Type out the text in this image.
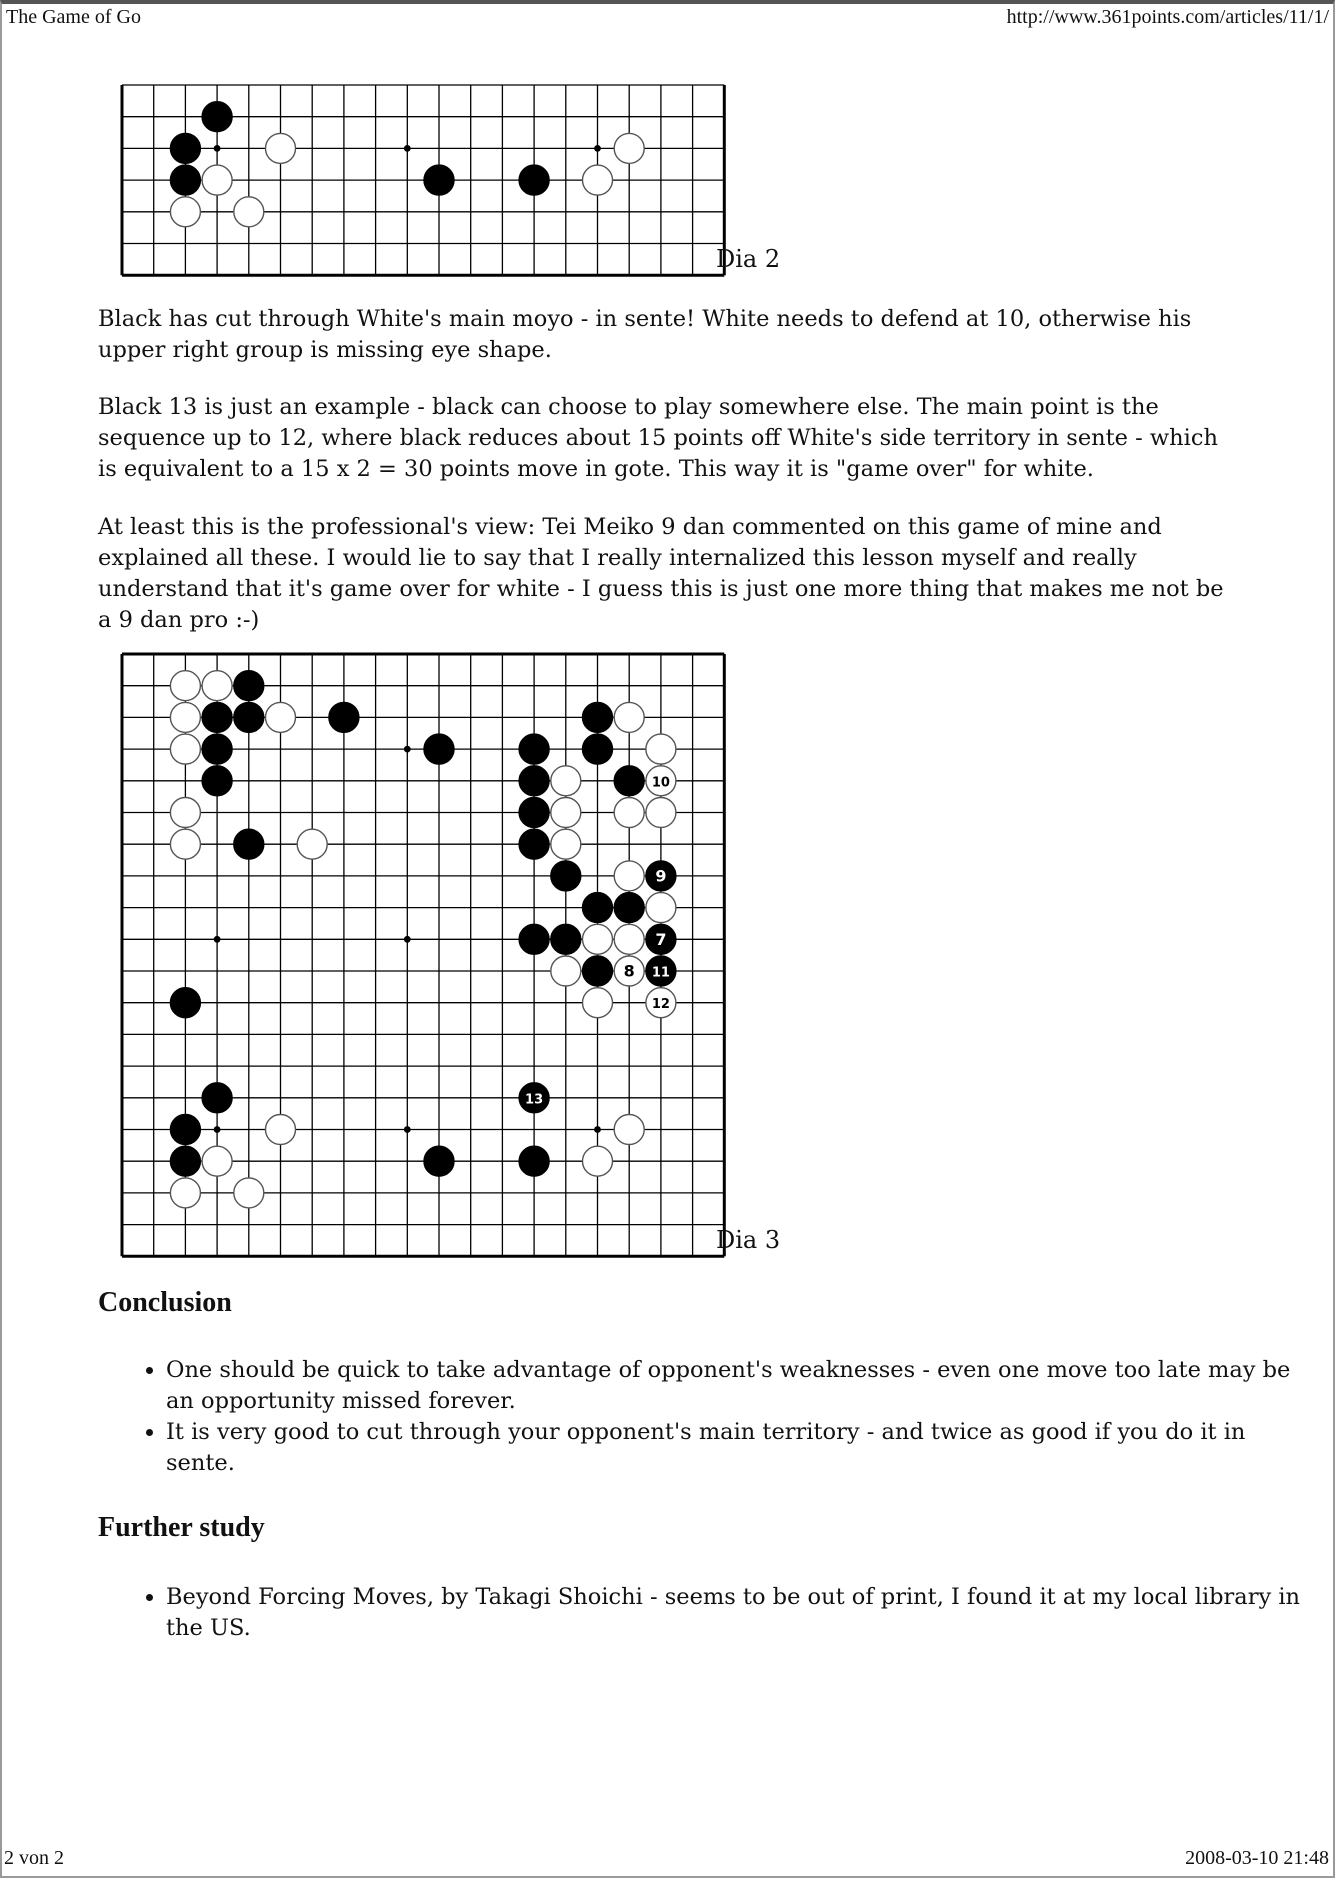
The Game of Go	http://www.361points.com/articles/11/1/
Dia 2

Black has cut through White's main moyo - in sente! White needs to defend at 10, otherwise his upper right group is missing eye shape.

Black 13 is just an example - black can choose to play somewhere else. The main point is the sequence up to 12, where black reduces about 15 points off White's side territory in sente - which is equivalent to a 15 x 2 = 30 points move in gote. This way it is "game over" for white.

At least this is the professional's view: Tei Meiko 9 dan commented on this game of mine and explained all these. I would lie to say that I really internalized this lesson myself and really understand that it's game over for white - I guess this is just one more thing that makes me not be a 9 dan pro :-)

10
9
7
8 11
12
13
Dia 3
Conclusion
• One should be quick to take advantage of opponent's weaknesses - even one move too late may be an opportunity missed forever.
• It is very good to cut through your opponent's main territory - and twice as good if you do it in sente.
Further study
• Beyond Forcing Moves, by Takagi Shoichi - seems to be out of print, I found it at my local library in the US.
2 von 2	2008-03-10 21:48
